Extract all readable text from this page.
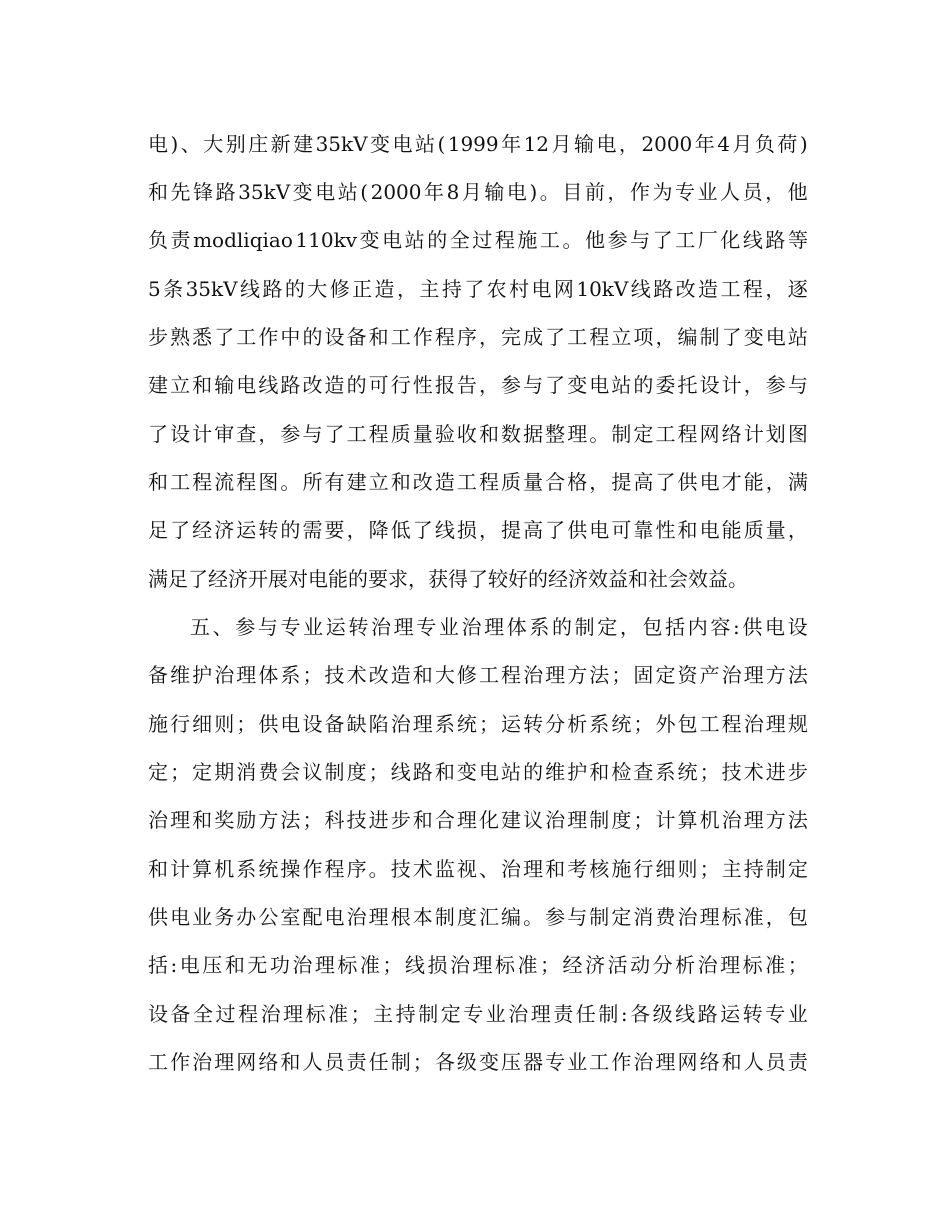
电 ) 、 大 别 庄 新 建 35kV 变 电 站 ( 1999 年 12 月 输 电 ， 2000 年 4 月 负 荷 )
和 先 锋 路 35kV 变 电 站 ( 2000 年 8 月 输 电 ) 。 目 前 ， 作 为 专 业 人 员 ， 他
负 责 modliqiao 110kv 变 电 站 的 全 过 程 施 工 。 他 参 与 了 工 厂 化 线 路 等
5 条 35kV 线 路 的 大 修 正 造 ， 主 持 了 农 村 电 网 10kV 线 路 改 造 工 程 ， 逐
步 熟 悉 了 工 作 中 的 设 备 和 工 作 程 序 ， 完 成 了 工 程 立 项 ， 编 制 了 变 电 站
建 立 和 输 电 线 路 改 造 的 可 行 性 报 告 ， 参 与 了 变 电 站 的 委 托 设 计 ， 参 与
了 设 计 审 查 ， 参 与 了 工 程 质 量 验 收 和 数 据 整 理 。 制 定 工 程 网 络 计 划 图
和 工 程 流 程 图 。 所 有 建 立 和 改 造 工 程 质 量 合 格 ， 提 高 了 供 电 才 能 ， 满
足 了 经 济 运 转 的 需 要 ， 降 低 了 线 损 ， 提 高 了 供 电 可 靠 性 和 电 能 质 量 ，
满足了经济开展对电能的要求，获得了较好的经济效益和社会效益。
五 、 参 与 专 业 运 转 治 理 专 业 治 理 体 系 的 制 定 ， 包 括 内 容 : 供 电 设
备 维 护 治 理 体 系 ； 技 术 改 造 和 大 修 工 程 治 理 方 法 ； 固 定 资 产 治 理 方 法
施 行 细 则 ； 供 电 设 备 缺 陷 治 理 系 统 ； 运 转 分 析 系 统 ； 外 包 工 程 治 理 规
定 ； 定 期 消 费 会 议 制 度 ； 线 路 和 变 电 站 的 维 护 和 检 查 系 统 ； 技 术 进 步
治 理 和 奖 励 方 法 ； 科 技 进 步 和 合 理 化 建 议 治 理 制 度 ； 计 算 机 治 理 方 法
和 计 算 机 系 统 操 作 程 序 。 技 术 监 视 、 治 理 和 考 核 施 行 细 则 ； 主 持 制 定
供 电 业 务 办 公 室 配 电 治 理 根 本 制 度 汇 编 。 参 与 制 定 消 费 治 理 标 准 ， 包
括 : 电 压 和 无 功 治 理 标 准 ； 线 损 治 理 标 准 ； 经 济 活 动 分 析 治 理 标 准 ；
设 备 全 过 程 治 理 标 准 ； 主 持 制 定 专 业 治 理 责 任 制 : 各 级 线 路 运 转 专 业
工 作 治 理 网 络 和 人 员 责 任 制 ； 各 级 变 压 器 专 业 工 作 治 理 网 络 和 人 员 责
